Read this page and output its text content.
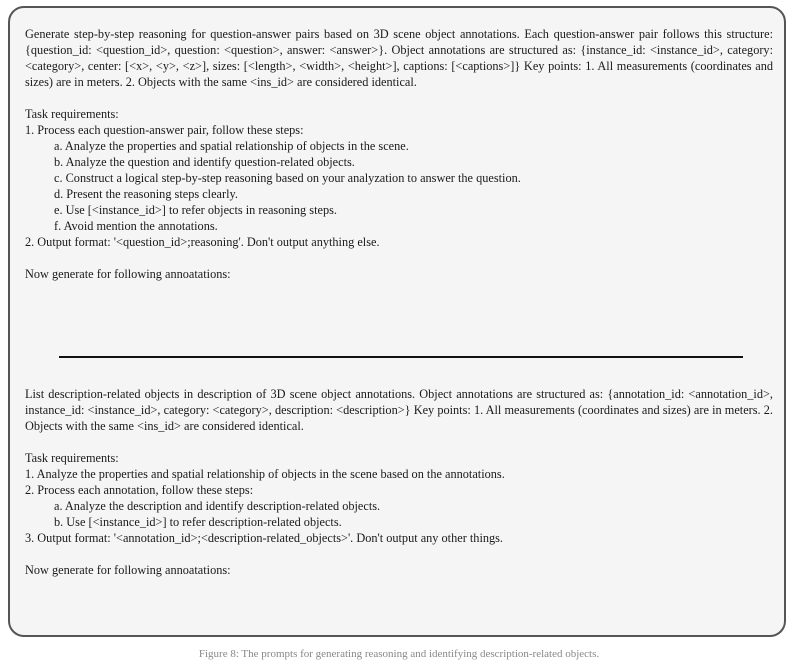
Generate step-by-step reasoning for question-answer pairs based on 3D scene object annotations. Each question-answer pair follows this structure: {question_id: <question_id>, question: <question>, answer: <answer>}. Object annotations are structured as: {instance_id: <instance_id>, category: <category>, center: [<x>, <y>, <z>], sizes: [<length>, <width>, <height>], captions: [<captions>]} Key points: 1. All measurements (coordinates and sizes) are in meters. 2. Objects with the same <ins_id> are considered identical.

Task requirements:

1. Process each question-answer pair, follow these steps:

a. Analyze the properties and spatial relationship of objects in the scene.

b. Analyze the question and identify question-related objects.

c. Construct a logical step-by-step reasoning based on your analyzation to answer the question.

d. Present the reasoning steps clearly.

e. Use [<instance_id>] to refer objects in reasoning steps.

f. Avoid mention the annotations.

2. Output format: '<question_id>;reasoning'. Don't output anything else.

Now generate for following annoatations:

List description-related objects in description of 3D scene object annotations. Object annotations are structured as: {annotation_id: <annotation_id>, instance_id: <instance_id>, category: <category>, description: <description>} Key points: 1. All measurements (coordinates and sizes) are in meters. 2. Objects with the same <ins_id> are considered identical.

Task requirements:

1. Analyze the properties and spatial relationship of objects in the scene based on the annotations.

2. Process each annotation, follow these steps:

a. Analyze the description and identify description-related objects.

b. Use [<instance_id>] to refer description-related objects.

3. Output format: '<annotation_id>;<description-related_objects>'. Don't output any other things.

Now generate for following annoatations:

Figure 8: The prompts for generating reasoning and identifying description-related objects.
